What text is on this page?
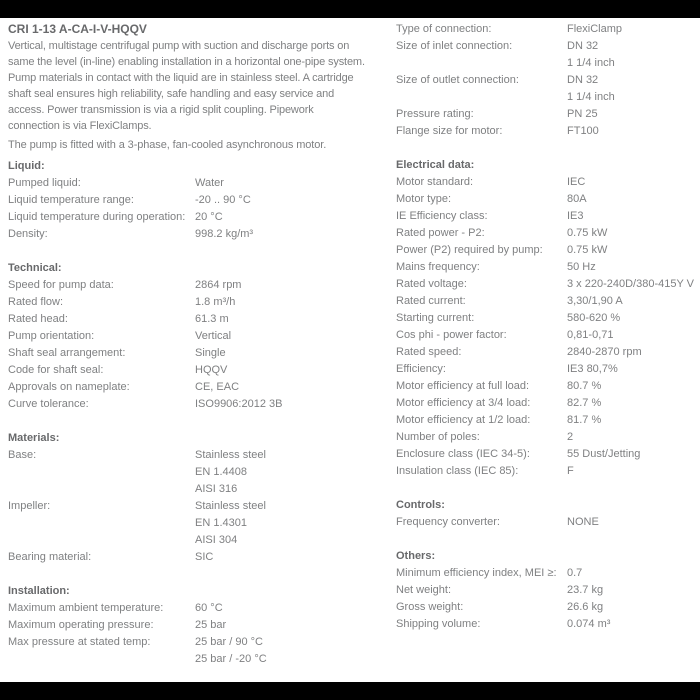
CRI 1-13 A-CA-I-V-HQQV
Vertical, multistage centrifugal pump with suction and discharge ports on
same the level (in-line) enabling installation in a horizontal one-pipe system.
Pump materials in contact with the liquid are in stainless steel. A cartridge
shaft seal ensures high reliability, safe handling and easy service and
access. Power transmission is via a rigid split coupling. Pipework
connection is via FlexiClamps.
The pump is fitted with a 3-phase, fan-cooled asynchronous motor.
Liquid:
Pumped liquid:	Water
Liquid temperature range:	-20 .. 90 °C
Liquid temperature during operation: 20 °C
Density:	998.2 kg/m³
Technical:
Speed for pump data:	2864 rpm
Rated flow:	1.8 m³/h
Rated head:	61.3 m
Pump orientation:	Vertical
Shaft seal arrangement:	Single
Code for shaft seal:	HQQV
Approvals on nameplate:	CE, EAC
Curve tolerance:	ISO9906:2012 3B
Materials:
Base:	Stainless steel
EN 1.4408
AISI 316
Impeller:	Stainless steel
EN 1.4301
AISI 304
Bearing material:	SIC
Installation:
Maximum ambient temperature:	60 °C
Maximum operating pressure:	25 bar
Max pressure at stated temp:	25 bar / 90 °C
25 bar / -20 °C
Type of connection:	FlexiClamp
Size of inlet connection:	DN 32
1 1/4 inch
Size of outlet connection:	DN 32
1 1/4 inch
Pressure rating:	PN 25
Flange size for motor:	FT100
Electrical data:
Motor standard:	IEC
Motor type:	80A
IE Efficiency class:	IE3
Rated power - P2:	0.75 kW
Power (P2) required by pump:	0.75 kW
Mains frequency:	50 Hz
Rated voltage:	3 x 220-240D/380-415Y V
Rated current:	3,30/1,90 A
Starting current:	580-620 %
Cos phi - power factor:	0,81-0,71
Rated speed:	2840-2870 rpm
Efficiency:	IE3 80,7%
Motor efficiency at full load:	80.7 %
Motor efficiency at 3/4 load:	82.7 %
Motor efficiency at 1/2 load:	81.7 %
Number of poles:	2
Enclosure class (IEC 34-5):	55 Dust/Jetting
Insulation class (IEC 85):	F
Controls:
Frequency converter:	NONE
Others:
Minimum efficiency index, MEI ≥: 0.7
Net weight:	23.7 kg
Gross weight:	26.6 kg
Shipping volume:	0.074 m³
